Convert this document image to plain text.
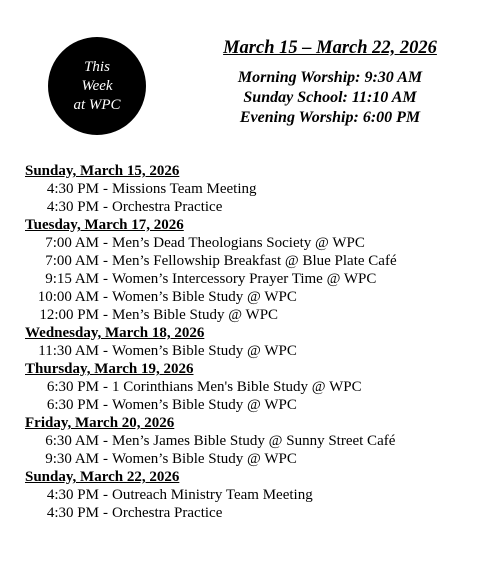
This
Week
at WPC
March 15 – March 22, 2026
Morning Worship: 9:30 AM
Sunday School: 11:10 AM
Evening Worship: 6:00 PM
Sunday, March 15, 2026
4:30 PM - Missions Team Meeting
4:30 PM - Orchestra Practice
Tuesday, March 17, 2026
7:00 AM - Men’s Dead Theologians Society @ WPC
7:00 AM - Men’s Fellowship Breakfast @ Blue Plate Café
9:15 AM - Women’s Intercessory Prayer Time @ WPC
10:00 AM - Women’s Bible Study @ WPC
12:00 PM - Men’s Bible Study @ WPC
Wednesday, March 18, 2026
11:30 AM - Women’s Bible Study @ WPC
Thursday, March 19, 2026
6:30 PM - 1 Corinthians Men's Bible Study @ WPC
6:30 PM - Women’s Bible Study @ WPC
Friday, March 20, 2026
6:30 AM - Men’s James Bible Study @ Sunny Street Café
9:30 AM - Women’s Bible Study @ WPC
Sunday, March 22, 2026
4:30 PM - Outreach Ministry Team Meeting
4:30 PM - Orchestra Practice
